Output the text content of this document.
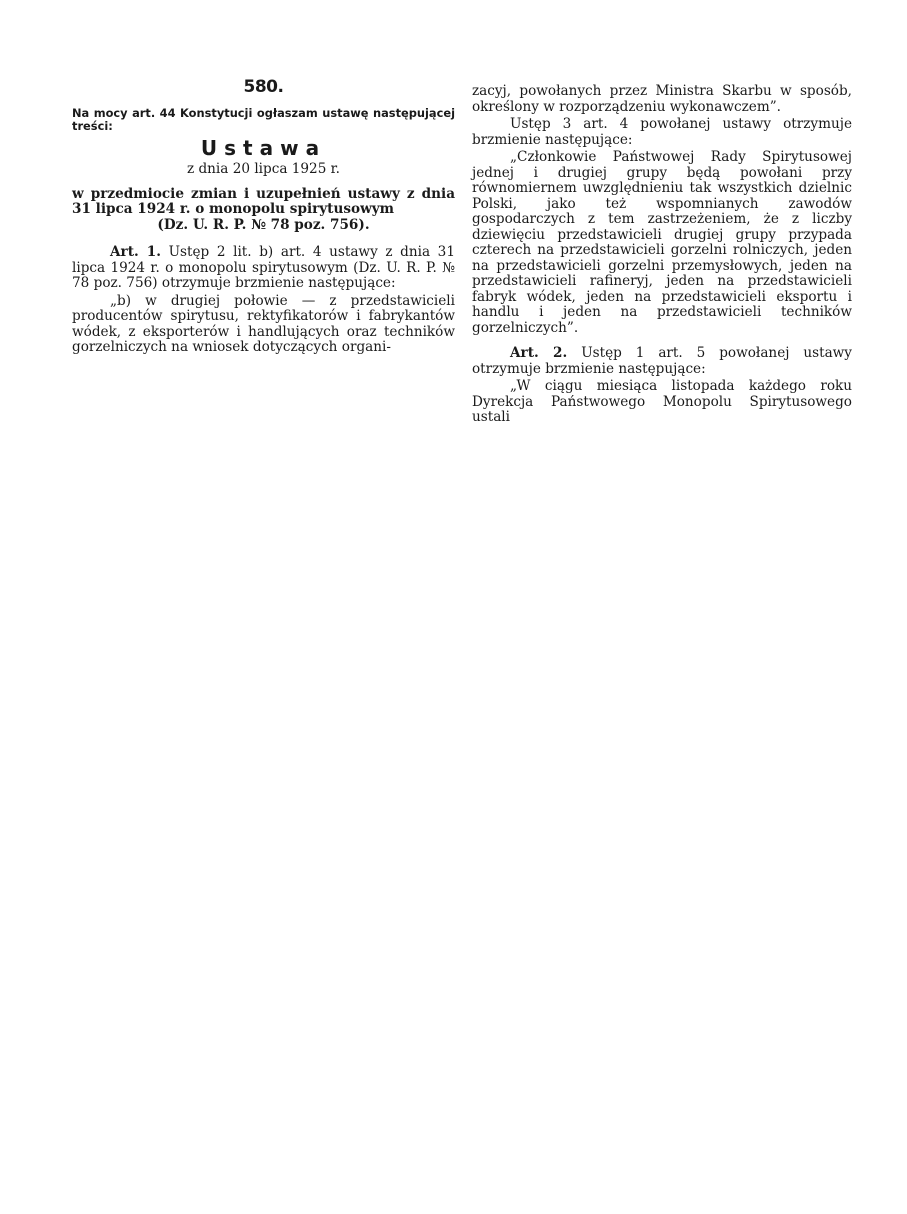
580.
Na mocy art. 44 Konstytucji ogłaszam ustawę następującej treści:
Ustawa
z dnia 20 lipca 1925 r.
w przedmiocie zmian i uzupełnień ustawy z dnia 31 lipca 1924 r. o monopolu spirytusowym
(Dz. U. R. P. № 78 poz. 756).

Art. 1. Ustęp 2 lit. b) art. 4 ustawy z dnia 31 lipca 1924 r. o monopolu spirytusowym (Dz. U. R. P. № 78 poz. 756) otrzymuje brzmienie następujące:

„b) w drugiej połowie — z przedstawicieli producentów spirytusu, rektyfikatorów i fabrykantów wódek, z eksporterów i handlujących oraz techników gorzelniczych na wniosek dotyczących organi-

zacyj, powołanych przez Ministra Skarbu w sposób, określony w rozporządzeniu wykonawczem”.

Ustęp 3 art. 4 powołanej ustawy otrzymuje brzmienie następujące:

„Członkowie Państwowej Rady Spirytusowej jednej i drugiej grupy będą powołani przy równomiernem uwzględnieniu tak wszystkich dzielnic Polski, jako też wspomnianych zawodów gospodarczych z tem zastrzeżeniem, że z liczby dziewięciu przedstawicieli drugiej grupy przypada czterech na przedstawicieli gorzelni rolniczych, jeden na przedstawicieli gorzelni przemysłowych, jeden na przedstawicieli rafineryj, jeden na przedstawicieli fabryk wódek, jeden na przedstawicieli eksportu i handlu i jeden na przedstawicieli techników gorzelniczych”.

Art. 2. Ustęp 1 art. 5 powołanej ustawy otrzymuje brzmienie następujące:

„W ciągu miesiąca listopada każdego roku Dyrekcja Państwowego Monopolu Spirytusowego ustali
